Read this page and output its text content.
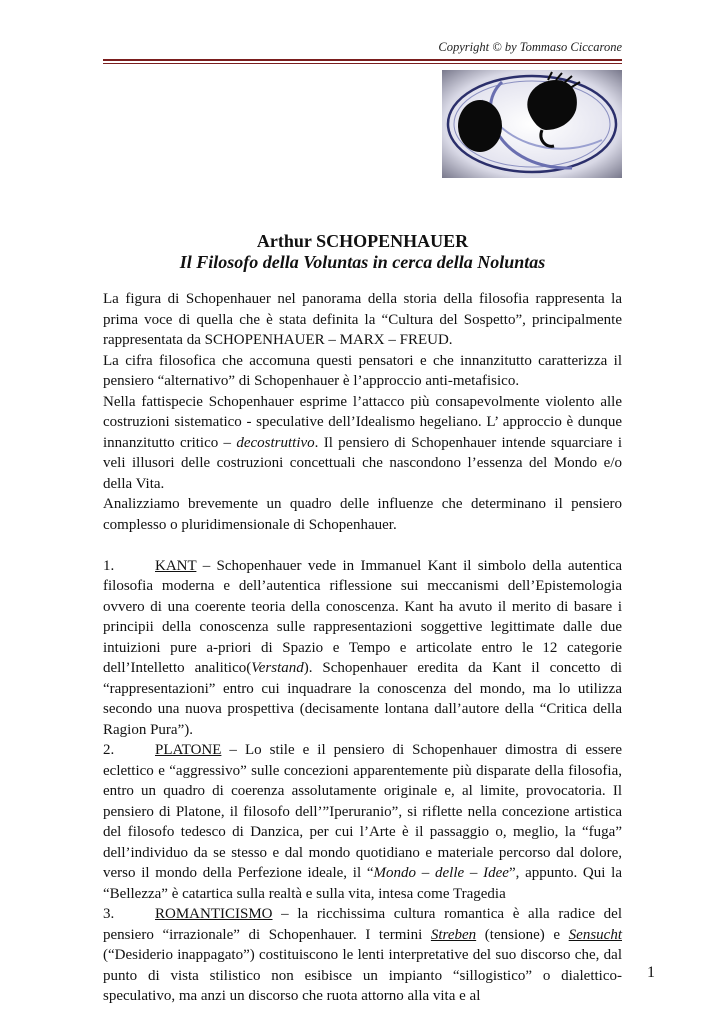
Copyright © by Tommaso Ciccarone
Arthur SCHOPENHAUER
Il Filosofo della Voluntas in cerca della Noluntas

La figura di Schopenhauer nel panorama della storia della filosofia rappresenta la prima voce di quella che è stata definita la “Cultura del Sospetto”, principalmente rappresentata da SCHOPENHAUER – MARX – FREUD.

La cifra filosofica che accomuna questi pensatori e che innanzitutto caratterizza il pensiero “alternativo” di Schopenhauer è l’approccio anti-metafisico.

Nella fattispecie Schopenhauer esprime l’attacco più consapevolmente violento alle costruzioni sistematico - speculative dell’Idealismo hegeliano. L’ approccio è dunque innanzitutto critico – decostruttivo. Il pensiero di Schopenhauer intende squarciare i veli illusori delle costruzioni concettuali che nascondono l’essenza del Mondo e/o della Vita.

Analizziamo brevemente un quadro delle influenze che determinano il pensiero complesso o pluridimensionale di Schopenhauer.

1.	KANT – Schopenhauer vede in Immanuel Kant il simbolo della autentica filosofia moderna e dell’autentica riflessione sui meccanismi dell’Epistemologia ovvero di una coerente teoria della conoscenza. Kant ha avuto il merito di basare i principii della conoscenza sulle rappresentazioni soggettive legittimate dalle due intuizioni pure a-priori di Spazio e Tempo e articolate entro le 12 categorie dell’Intelletto analitico(Verstand). Schopenhauer eredita da Kant il concetto di “rappresentazioni” entro cui inquadrare la conoscenza del mondo, ma lo utilizza secondo una nuova prospettiva (decisamente lontana dall’autore della “Critica della Ragion Pura”).

2.	PLATONE – Lo stile e il pensiero di Schopenhauer dimostra di essere eclettico e “aggressivo” sulle concezioni apparentemente più disparate della filosofia, entro un quadro di coerenza assolutamente originale e, al limite, provocatoria. Il pensiero di Platone, il filosofo dell’”Iperuranio”, si riflette nella concezione artistica del filosofo tedesco di Danzica, per cui l’Arte è il passaggio o, meglio, la “fuga” dell’individuo da se stesso e dal mondo quotidiano e materiale percorso dal dolore, verso il mondo della Perfezione ideale, il “Mondo – delle – Idee”, appunto. Qui la “Bellezza” è catartica sulla realtà e sulla vita, intesa come Tragedia

3.	ROMANTICISMO – la ricchissima cultura romantica è alla radice del pensiero “irrazionale” di Schopenhauer. I termini Streben (tensione) e Sensucht (“Desiderio inappagato”) costituiscono le lenti interpretative del suo discorso che, dal punto di vista stilistico non esibisce un impianto “sillogistico” o dialettico-speculativo, ma anzi un discorso che ruota attorno alla vita e al

1
